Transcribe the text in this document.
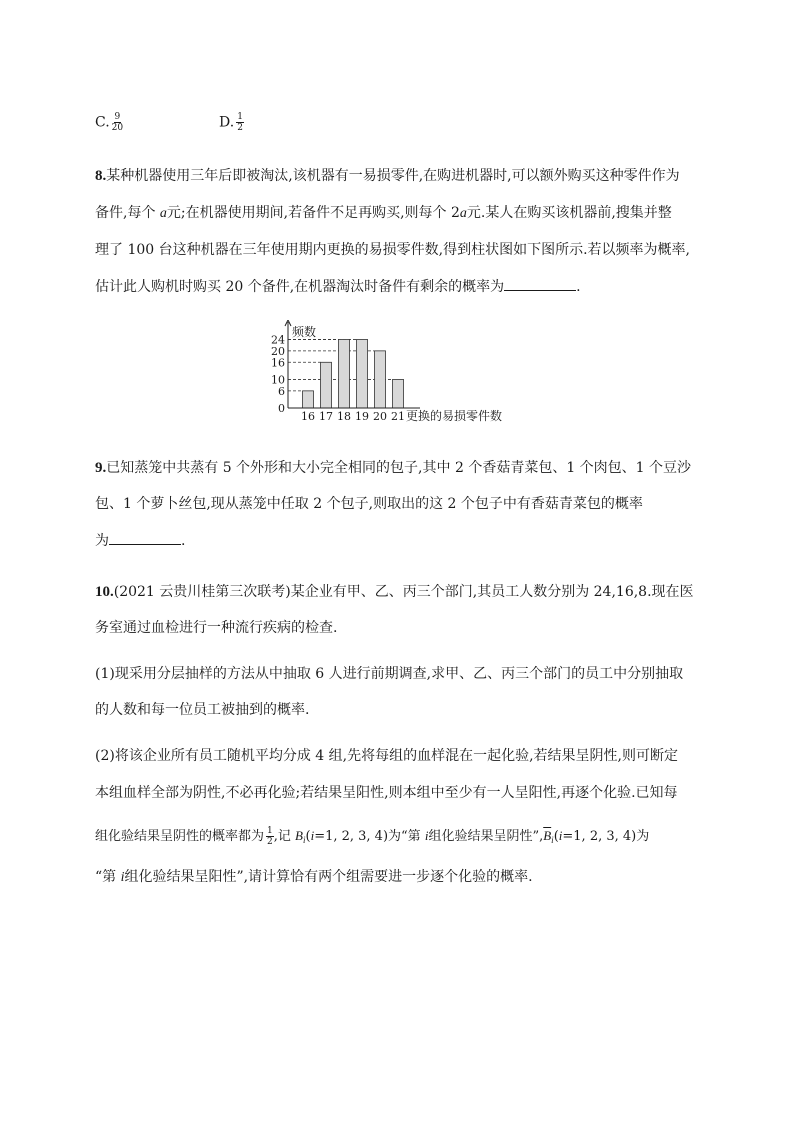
C. $\frac{9}{20}$	D. $\frac{1}{2}$
8.某种机器使用三年后即被淘汰,该机器有一易损零件,在购进机器时,可以额外购买这种零件作为
备件,每个 a元;在机器使用期间,若备件不足再购买,则每个 2a元.某人在购买该机器前,搜集并整
理了 100 台这种机器在三年使用期内更换的易损零件数,得到柱状图如下图所示.若以频率为概率,
估计此人购机时购买 20 个备件,在机器淘汰时备件有剩余的概率为	.
0
6
10
16
20
24
16 17 18 19 20 21
频数
更换的易损零件数
9.已知蒸笼中共蒸有 5 个外形和大小完全相同的包子,其中 2 个香菇青菜包、1 个肉包、1 个豆沙
包、1 个萝卜丝包,现从蒸笼中任取 2 个包子,则取出的这 2 个包子中有香菇青菜包的概率
为	.
10.(2021 云贵川桂第三次联考)某企业有甲、乙、丙三个部门,其员工人数分别为 24,16,8.现在医
务室通过血检进行一种流行疾病的检查.
(1)现采用分层抽样的方法从中抽取 6 人进行前期调查,求甲、乙、丙三个部门的员工中分别抽取
的人数和每一位员工被抽到的概率.
(2)将该企业所有员工随机平均分成 4 组,先将每组的血样混在一起化验,若结果呈阴性,则可断定
本组血样全部为阴性,不必再化验;若结果呈阳性,则本组中至少有一人呈阳性,再逐个化验.已知每
组化验结果呈阴性的概率都为 $\frac{1}{2}$ ,记 $B_i(i=1$, 2, 3, 4)为“第 i组化验结果呈阴性$”,\overline{B}_i(i=1$, 2, 3, 4)为
“第 i组化验结果呈阳性”,请计算恰有两个组需要进一步逐个化验的概率.
